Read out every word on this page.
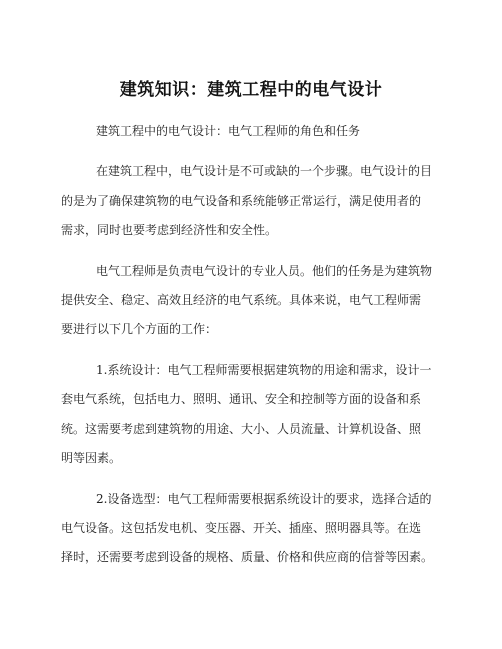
建筑知识：建筑工程中的电气设计
建筑工程中的电气设计：电气工程师的角色和任务
在建筑工程中，电气设计是不可或缺的一个步骤。电气设计的目
的是为了确保建筑物的电气设备和系统能够正常运行，满足使用者的
需求，同时也要考虑到经济性和安全性。
电气工程师是负责电气设计的专业人员。他们的任务是为建筑物
提供安全、稳定、高效且经济的电气系统。具体来说，电气工程师需
要进行以下几个方面的工作：
1.系统设计：电气工程师需要根据建筑物的用途和需求，设计一
套电气系统，包括电力、照明、通讯、安全和控制等方面的设备和系
统。这需要考虑到建筑物的用途、大小、人员流量、计算机设备、照
明等因素。
2.设备选型：电气工程师需要根据系统设计的要求，选择合适的
电气设备。这包括发电机、变压器、开关、插座、照明器具等。在选
择时，还需要考虑到设备的规格、质量、价格和供应商的信誉等因素。
